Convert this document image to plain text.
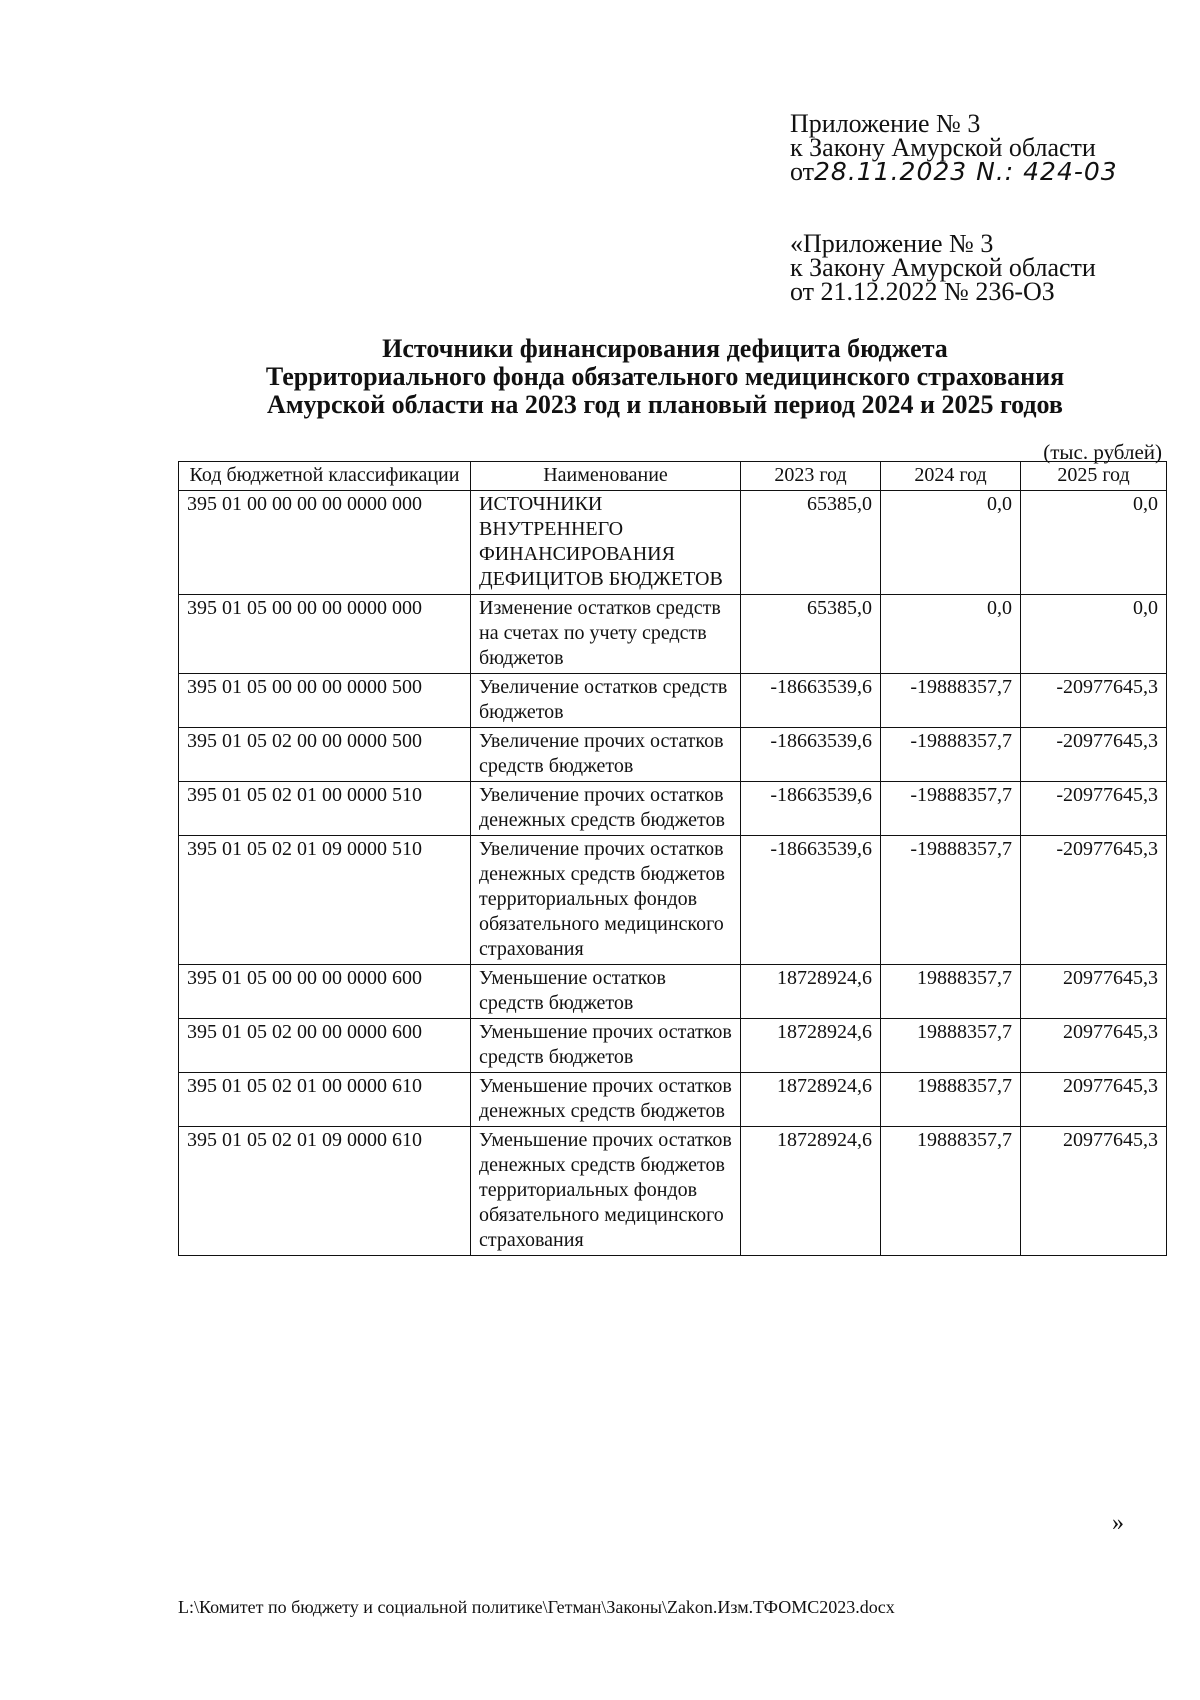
Приложение № 3
к Закону Амурской области
от28.11.2023 N.: 424-03
«Приложение № 3
к Закону Амурской области
от 21.12.2022 № 236-ОЗ
Источники финансирования дефицита бюджета
Территориального фонда обязательного медицинского страхования
Амурской области на 2023 год и плановый период 2024 и 2025 годов
(тыс. рублей)
Код бюджетной классификации	Наименование	2023 год	2024 год	2025 год
395 01 00 00 00 00 0000 000	ИСТОЧНИКИ ВНУТРЕННЕГО ФИНАНСИРОВАНИЯ ДЕФИЦИТОВ БЮДЖЕТОВ	65385,0	0,0	0,0
395 01 05 00 00 00 0000 000	Изменение остатков средств на счетах по учету средств бюджетов	65385,0	0,0	0,0
395 01 05 00 00 00 0000 500	Увеличение остатков средств бюджетов	-18663539,6	-19888357,7	-20977645,3
395 01 05 02 00 00 0000 500	Увеличение прочих остатков средств бюджетов	-18663539,6	-19888357,7	-20977645,3
395 01 05 02 01 00 0000 510	Увеличение прочих остатков денежных средств бюджетов	-18663539,6	-19888357,7	-20977645,3
395 01 05 02 01 09 0000 510	Увеличение прочих остатков денежных средств бюджетов территориальных фондов обязательного медицинского страхования	-18663539,6	-19888357,7	-20977645,3
395 01 05 00 00 00 0000 600	Уменьшение остатков средств бюджетов	18728924,6	19888357,7	20977645,3
395 01 05 02 00 00 0000 600	Уменьшение прочих остатков средств бюджетов	18728924,6	19888357,7	20977645,3
395 01 05 02 01 00 0000 610	Уменьшение прочих остатков денежных средств бюджетов	18728924,6	19888357,7	20977645,3
395 01 05 02 01 09 0000 610	Уменьшение прочих остатков денежных средств бюджетов территориальных фондов обязательного медицинского страхования	18728924,6	19888357,7	20977645,3
»
L:\Комитет по бюджету и социальной политике\Гетман\Законы\Zakon.Изм.ТФОМС2023.docx
